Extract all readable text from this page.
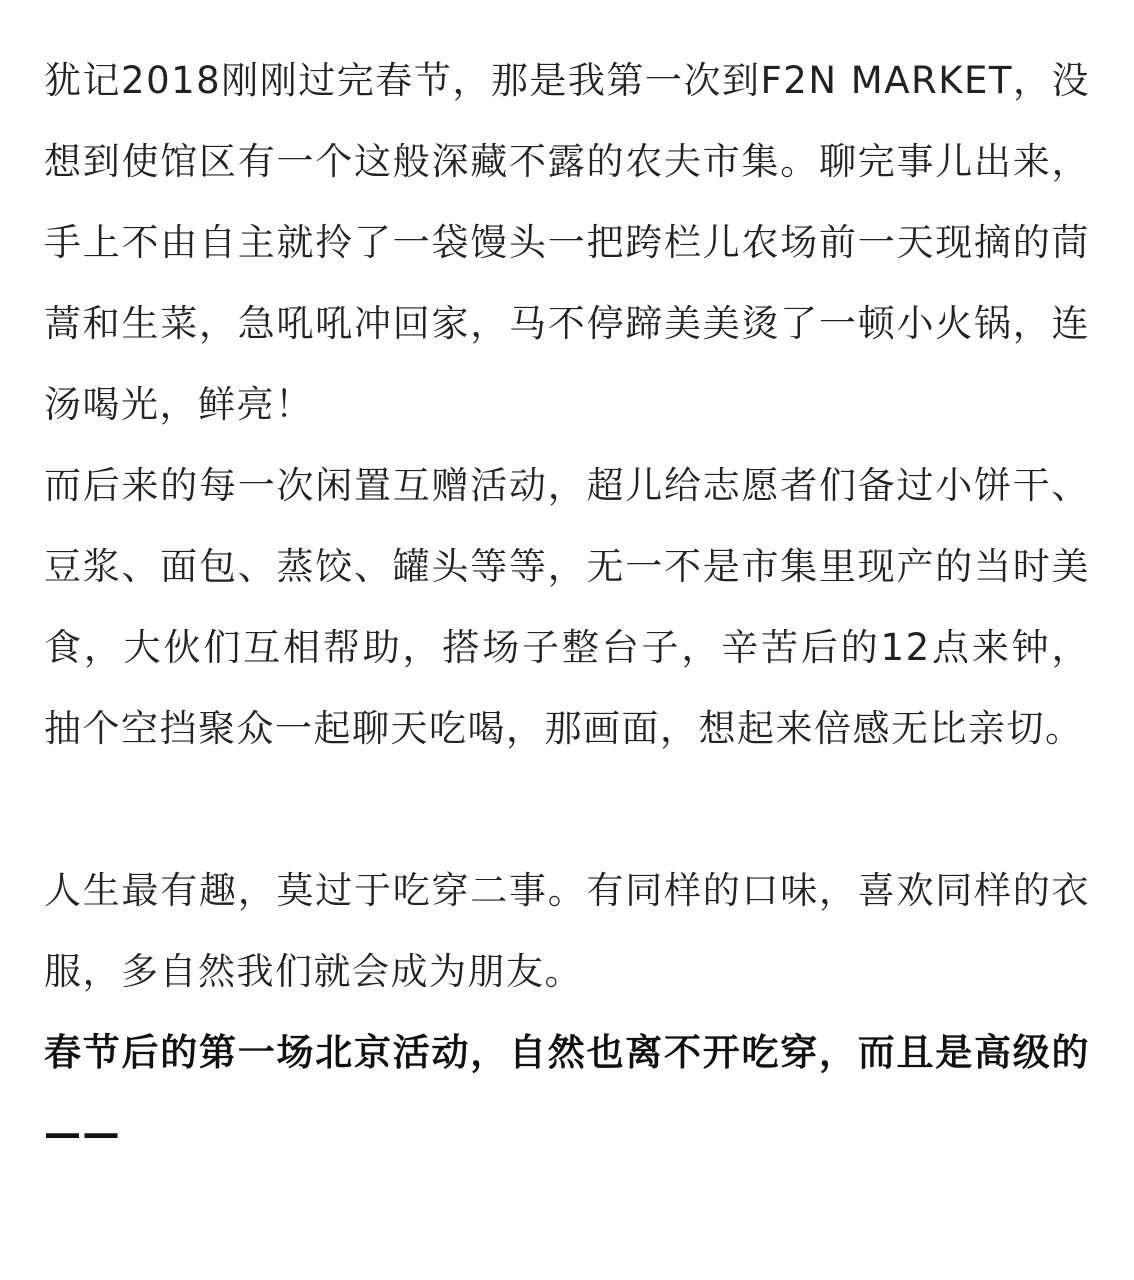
犹记2018刚刚过完春节，那是我第一次到F2N MARKET，没想到使馆区有一个这般深藏不露的农夫市集。聊完事儿出来，手上不由自主就拎了一袋馒头一把跨栏儿农场前一天现摘的茼蒿和生菜，急吼吼冲回家，马不停蹄美美烫了一顿小火锅，连汤喝光，鲜亮！

而后来的每一次闲置互赠活动，超儿给志愿者们备过小饼干、豆浆、面包、蒸饺、罐头等等，无一不是市集里现产的当时美食，大伙们互相帮助，搭场子整台子，辛苦后的12点来钟，抽个空挡聚众一起聊天吃喝，那画面，想起来倍感无比亲切。

人生最有趣，莫过于吃穿二事。有同样的口味，喜欢同样的衣服，多自然我们就会成为朋友。

春节后的第一场北京活动，自然也离不开吃穿，而且是高级的——
